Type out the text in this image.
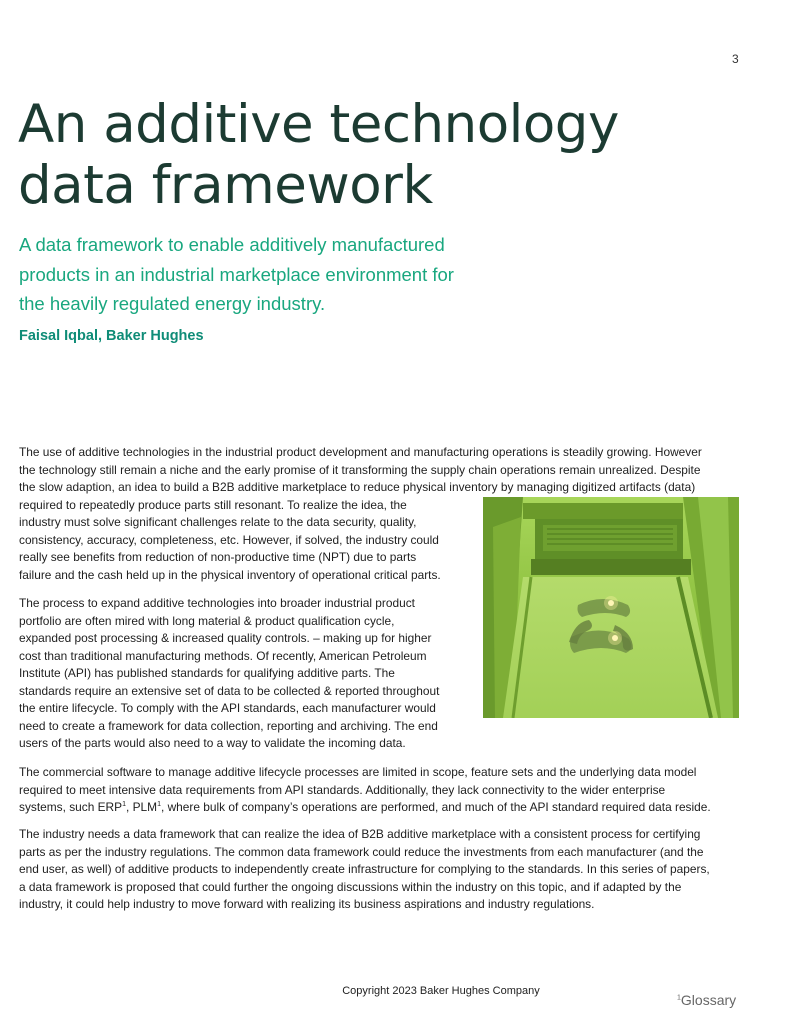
3
An additive technology
data framework
A data framework to enable additively manufactured
products in an industrial marketplace environment for
the heavily regulated energy industry.

Faisal Iqbal, Baker Hughes

The use of additive technologies in the industrial product development and manufacturing operations is steadily growing. However
the technology still remain a niche and the early promise of it transforming the supply chain operations remain unrealized. Despite
the slow adaption, an idea to build a B2B additive marketplace to reduce physical inventory by managing digitized artifacts (data)
required to repeatedly produce parts still resonant. To realize the idea, the
industry must solve significant challenges relate to the data security, quality,
consistency, accuracy, completeness, etc. However, if solved, the industry could
really see benefits from reduction of non-productive time (NPT) due to parts
failure and the cash held up in the physical inventory of operational critical parts.

The process to expand additive technologies into broader industrial product
portfolio are often mired with long material & product qualification cycle,
expanded post processing & increased quality controls. – making up for higher
cost than traditional manufacturing methods. Of recently, American Petroleum
Institute (API) has published standards for qualifying additive parts. The
standards require an extensive set of data to be collected & reported throughout
the entire lifecycle. To comply with the API standards, each manufacturer would
need to create a framework for data collection, reporting and archiving. The end
users of the parts would also need to a way to validate the incoming data.

The commercial software to manage additive lifecycle processes are limited in scope, feature sets and the underlying data model
required to meet intensive data requirements from API standards. Additionally, they lack connectivity to the wider enterprise
systems, such ERP$^1$, PLM$^1$, where bulk of company’s operations are performed, and much of the API standard required data reside.

The industry needs a data framework that can realize the idea of B2B additive marketplace with a consistent process for certifying
parts as per the industry regulations. The common data framework could reduce the investments from each manufacturer (and the
end user, as well) of additive products to independently create infrastructure for complying to the standards. In this series of papers,
a data framework is proposed that could further the ongoing discussions within the industry on this topic, and if adapted by the
industry, it could help industry to move forward with realizing its business aspirations and industry regulations.

Copyright 2023 Baker Hughes Company
$^1$Glossary
